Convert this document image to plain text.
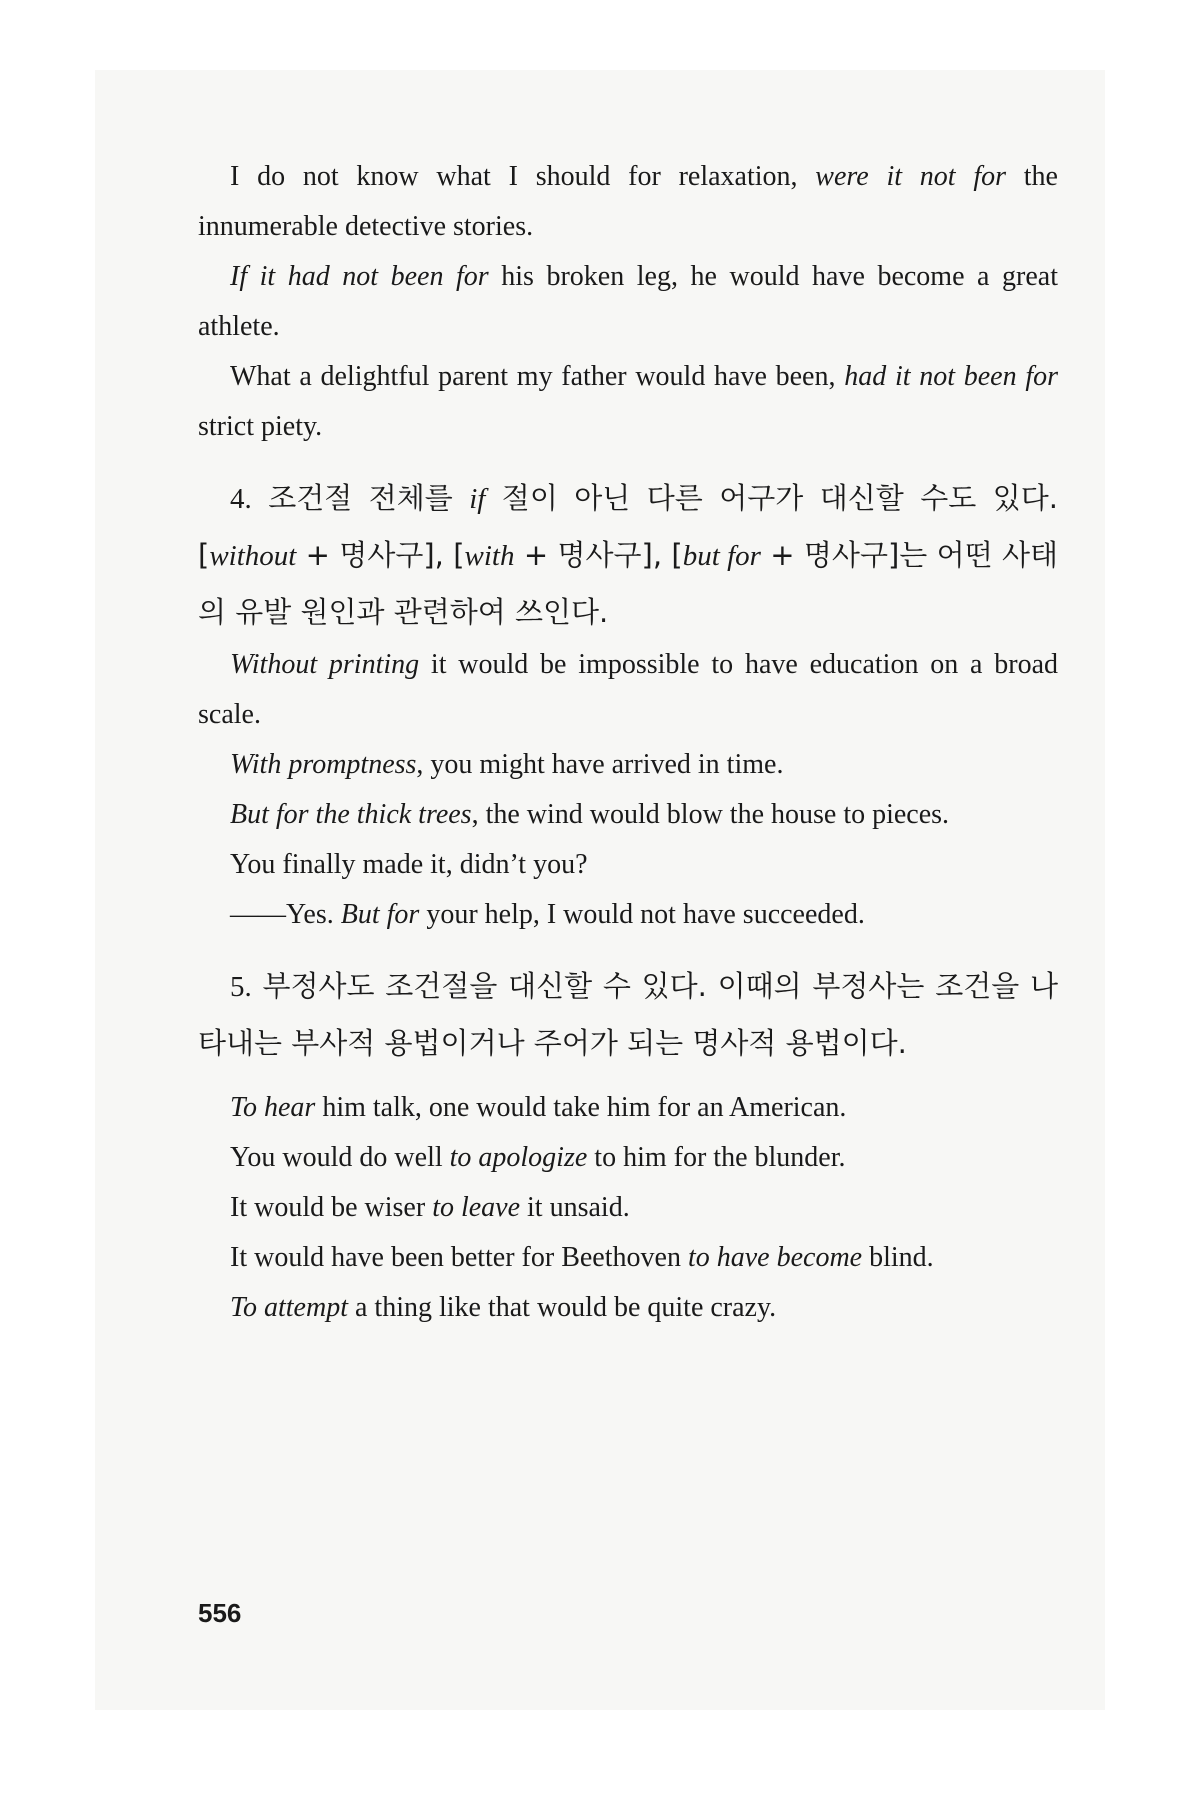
I do not know what I should for relaxation, were it not for the innumerable detective stories.

If it had not been for his broken leg, he would have become a great athlete.

What a delightful parent my father would have been, had it not been for strict piety.

4. 조건절 전체를 if 절이 아닌 다른 어구가 대신할 수도 있다. [without + 명사구], [with + 명사구], [but for + 명사구]는 어떤 사태의 유발 원인과 관련하여 쓰인다.

Without printing it would be impossible to have education on a broad scale.

With promptness, you might have arrived in time.

But for the thick trees, the wind would blow the house to pieces.

You finally made it, didn’t you?

——Yes. But for your help, I would not have succeeded.

5. 부정사도 조건절을 대신할 수 있다. 이때의 부정사는 조건을 나타내는 부사적 용법이거나 주어가 되는 명사적 용법이다.

To hear him talk, one would take him for an American.

You would do well to apologize to him for the blunder.

It would be wiser to leave it unsaid.

It would have been better for Beethoven to have become blind.

To attempt a thing like that would be quite crazy.

556
